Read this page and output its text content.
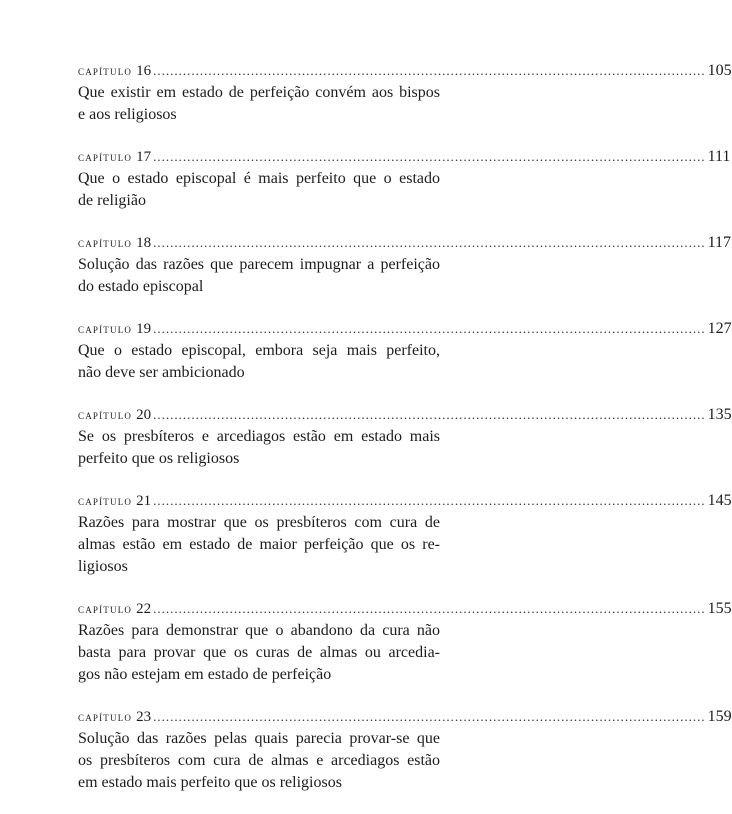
capítulo 16 .................................................................................................................................. 105
Que existir em estado de perfeição convém aos bispos
e aos religiosos
capítulo 17 .................................................................................................................................. 111
Que o estado episcopal é mais perfeito que o estado
de religião
capítulo 18 .................................................................................................................................. 117
Solução das razões que parecem impugnar a perfeição
do estado episcopal
capítulo 19 .................................................................................................................................. 127
Que o estado episcopal, embora seja mais perfeito,
não deve ser ambicionado
capítulo 20 .................................................................................................................................. 135
Se os presbíteros e arcediagos estão em estado mais
perfeito que os religiosos
capítulo 21 .................................................................................................................................. 145
Razões para mostrar que os presbíteros com cura de
almas estão em estado de maior perfeição que os re-
ligiosos
capítulo 22 .................................................................................................................................. 155
Razões para demonstrar que o abandono da cura não
basta para provar que os curas de almas ou arcedia-
gos não estejam em estado de perfeição
capítulo 23 .................................................................................................................................. 159
Solução das razões pelas quais parecia provar-se que
os presbíteros com cura de almas e arcediagos estão
em estado mais perfeito que os religiosos
